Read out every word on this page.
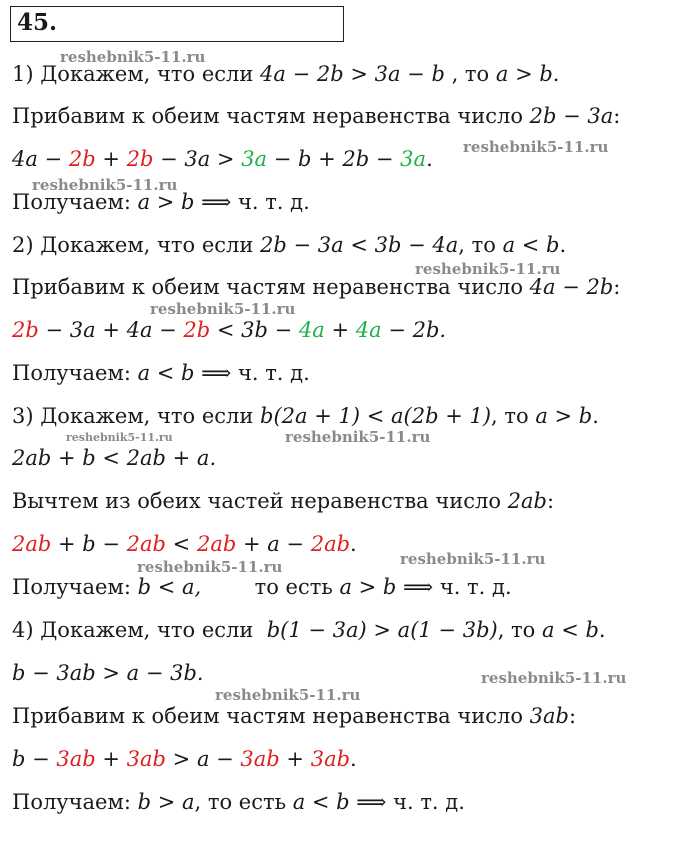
45.
1) Докажем, что если 4a − 2b > 3a − b , то a > b.
Прибавим к обеим частям неравенства число 2b − 3a:
4a − 2b + 2b − 3a > 3a − b + 2b − 3a.
Получаем: a > b ⟹ ч. т. д.
2) Докажем, что если 2b − 3a < 3b − 4a, то a < b.
Прибавим к обеим частям неравенства число 4a − 2b:
2b − 3a + 4a − 2b < 3b − 4a + 4a − 2b.
Получаем: a < b ⟹ ч. т. д.
3) Докажем, что если b(2a + 1) < a(2b + 1), то a > b.
2ab + b < 2ab + a.
Вычтем из обеих частей неравенства число 2ab:
2ab + b − 2ab < 2ab + a − 2ab.
Получаем: b < a,        то есть a > b ⟹ ч. т. д.
4) Докажем, что если  b(1 − 3a) > a(1 − 3b), то a < b.
b − 3ab > a − 3b.
Прибавим к обеим частям неравенства число 3ab:
b − 3ab + 3ab > a − 3ab + 3ab.
Получаем: b > a, то есть a < b ⟹ ч. т. д.
reshebnik5-11.ru
reshebnik5-11.ru
reshebnik5-11.ru
reshebnik5-11.ru
reshebnik5-11.ru
reshebnik5-11.ru	reshebnik5-11.ru
reshebnik5-11.ru
reshebnik5-11.ru
reshebnik5-11.ru
reshebnik5-11.ru
